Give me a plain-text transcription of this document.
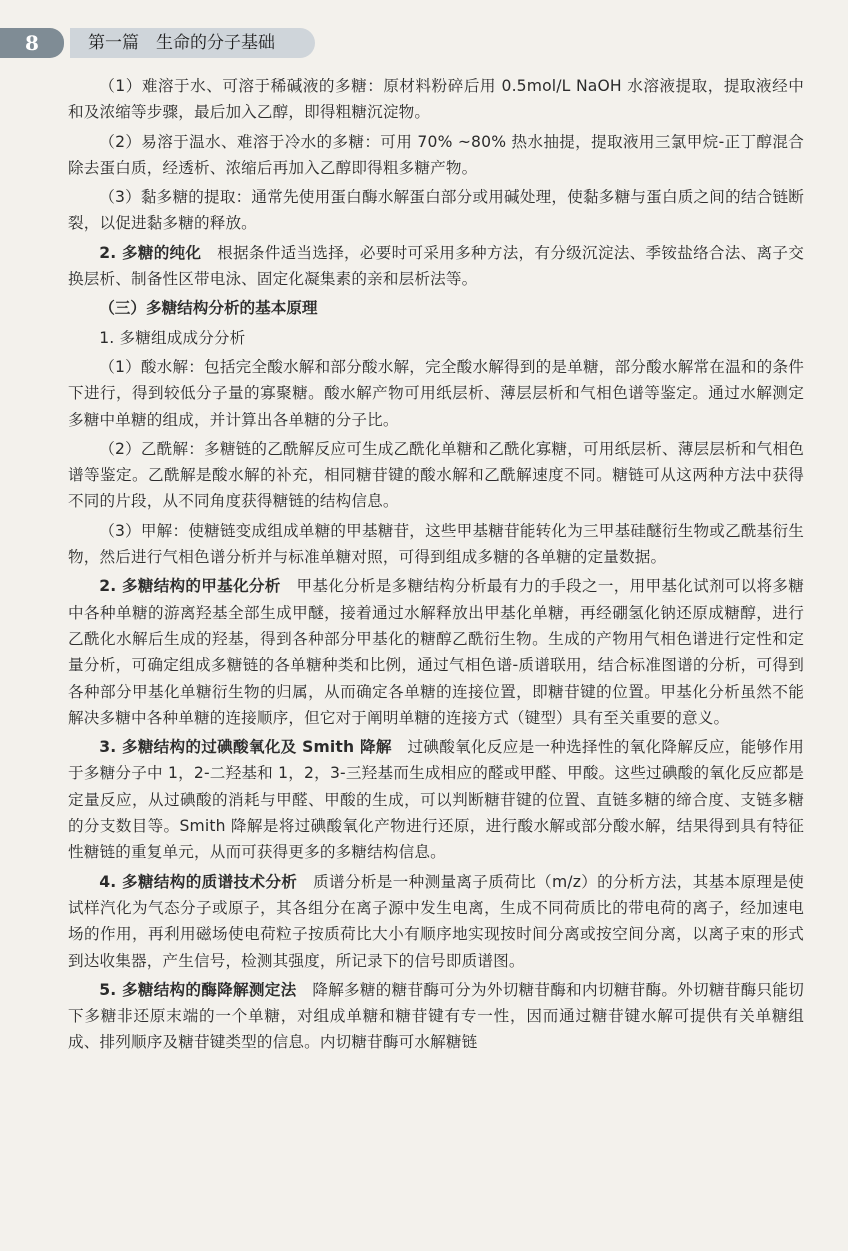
8	第一篇　生命的分子基础

（1）难溶于水、可溶于稀碱液的多糖：原材料粉碎后用 0.5mol/L NaOH 水溶液提取，提取液经中和及浓缩等步骤，最后加入乙醇，即得粗糖沉淀物。

（2）易溶于温水、难溶于冷水的多糖：可用 70% ~80% 热水抽提，提取液用三氯甲烷-正丁醇混合除去蛋白质，经透析、浓缩后再加入乙醇即得粗多糖产物。

（3）黏多糖的提取：通常先使用蛋白酶水解蛋白部分或用碱处理，使黏多糖与蛋白质之间的结合链断裂，以促进黏多糖的释放。

2. 多糖的纯化　根据条件适当选择，必要时可采用多种方法，有分级沉淀法、季铵盐络合法、离子交换层析、制备性区带电泳、固定化凝集素的亲和层析法等。

（三）多糖结构分析的基本原理

1. 多糖组成成分分析

（1）酸水解：包括完全酸水解和部分酸水解，完全酸水解得到的是单糖，部分酸水解常在温和的条件下进行，得到较低分子量的寡聚糖。酸水解产物可用纸层析、薄层层析和气相色谱等鉴定。通过水解测定多糖中单糖的组成，并计算出各单糖的分子比。

（2）乙酰解：多糖链的乙酰解反应可生成乙酰化单糖和乙酰化寡糖，可用纸层析、薄层层析和气相色谱等鉴定。乙酰解是酸水解的补充，相同糖苷键的酸水解和乙酰解速度不同。糖链可从这两种方法中获得不同的片段，从不同角度获得糖链的结构信息。

（3）甲解：使糖链变成组成单糖的甲基糖苷，这些甲基糖苷能转化为三甲基硅醚衍生物或乙酰基衍生物，然后进行气相色谱分析并与标准单糖对照，可得到组成多糖的各单糖的定量数据。

2. 多糖结构的甲基化分析　甲基化分析是多糖结构分析最有力的手段之一，用甲基化试剂可以将多糖中各种单糖的游离羟基全部生成甲醚，接着通过水解释放出甲基化单糖，再经硼氢化钠还原成糖醇，进行乙酰化水解后生成的羟基，得到各种部分甲基化的糖醇乙酰衍生物。生成的产物用气相色谱进行定性和定量分析，可确定组成多糖链的各单糖种类和比例，通过气相色谱-质谱联用，结合标准图谱的分析，可得到各种部分甲基化单糖衍生物的归属，从而确定各单糖的连接位置，即糖苷键的位置。甲基化分析虽然不能解决多糖中各种单糖的连接顺序，但它对于阐明单糖的连接方式（键型）具有至关重要的意义。

3. 多糖结构的过碘酸氧化及 Smith 降解　过碘酸氧化反应是一种选择性的氧化降解反应，能够作用于多糖分子中 1，2-二羟基和 1，2，3-三羟基而生成相应的醛或甲醛、甲酸。这些过碘酸的氧化反应都是定量反应，从过碘酸的消耗与甲醛、甲酸的生成，可以判断糖苷键的位置、直链多糖的缔合度、支链多糖的分支数目等。Smith 降解是将过碘酸氧化产物进行还原，进行酸水解或部分酸水解，结果得到具有特征性糖链的重复单元，从而可获得更多的多糖结构信息。

4. 多糖结构的质谱技术分析　质谱分析是一种测量离子质荷比（m/z）的分析方法，其基本原理是使试样汽化为气态分子或原子，其各组分在离子源中发生电离，生成不同荷质比的带电荷的离子，经加速电场的作用，再利用磁场使电荷粒子按质荷比大小有顺序地实现按时间分离或按空间分离，以离子束的形式到达收集器，产生信号，检测其强度，所记录下的信号即质谱图。

5. 多糖结构的酶降解测定法　降解多糖的糖苷酶可分为外切糖苷酶和内切糖苷酶。外切糖苷酶只能切下多糖非还原末端的一个单糖，对组成单糖和糖苷键有专一性，因而通过糖苷键水解可提供有关单糖组成、排列顺序及糖苷键类型的信息。内切糖苷酶可水解糖链
